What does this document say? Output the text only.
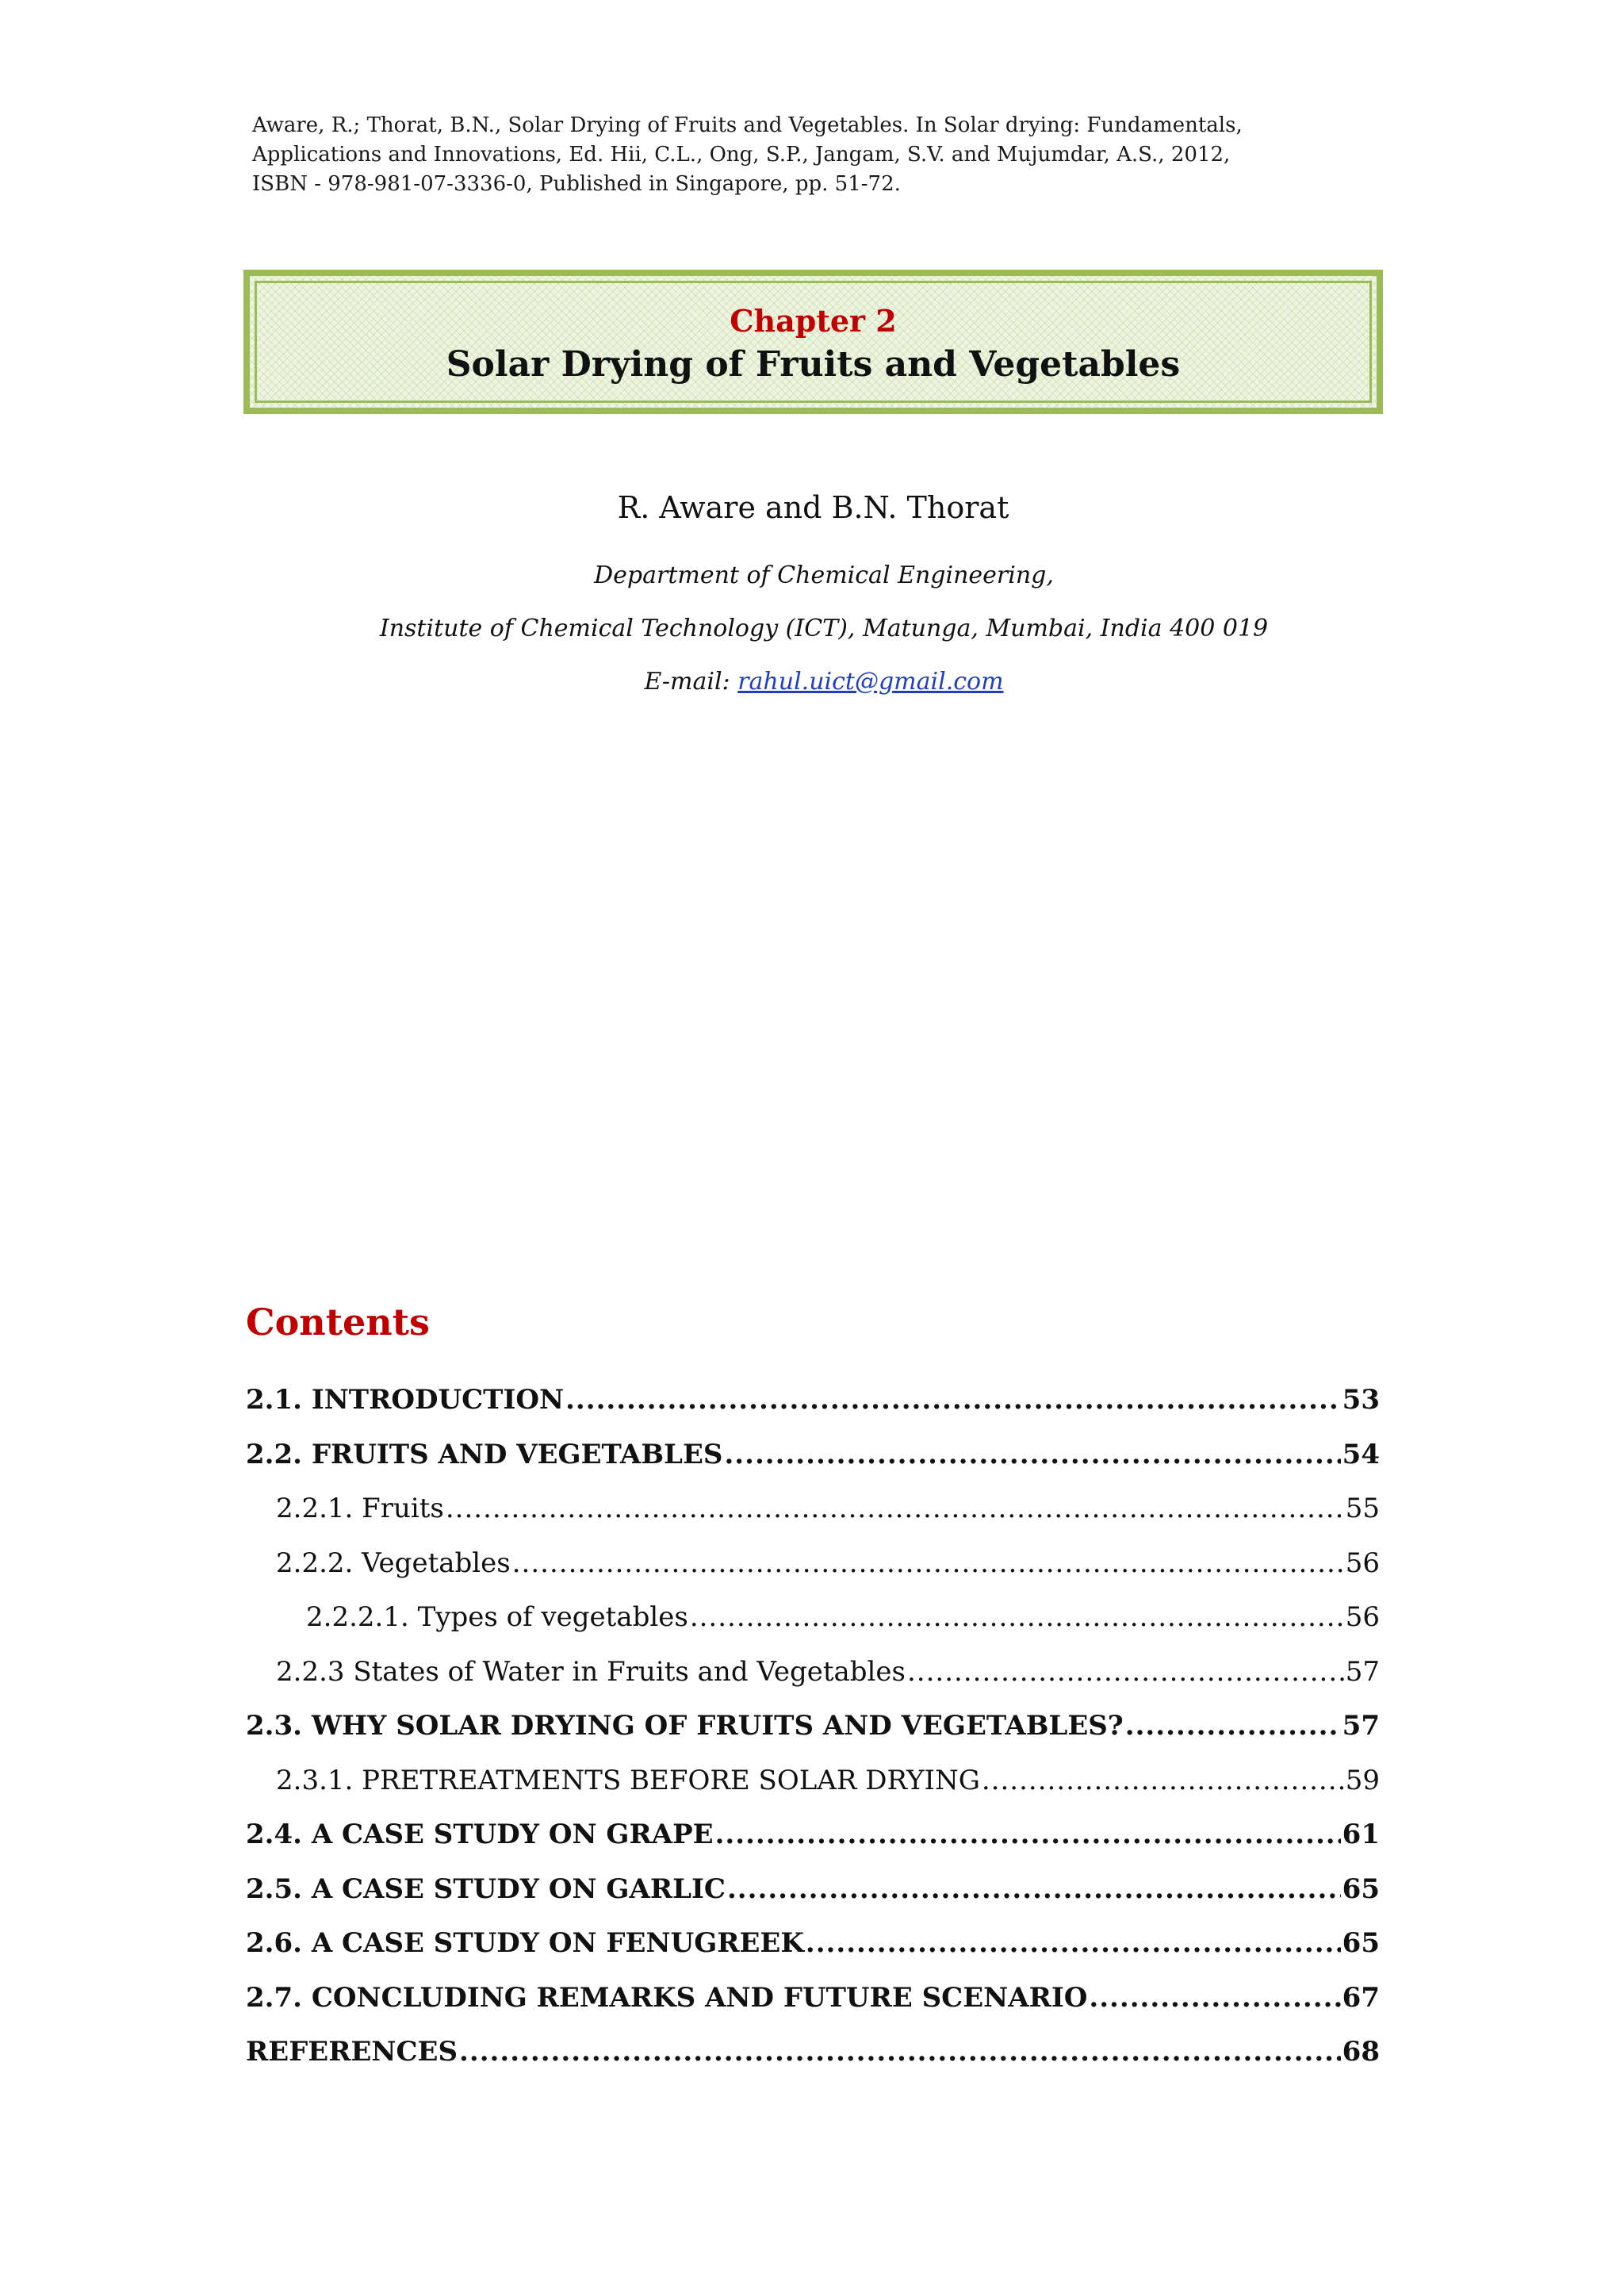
Aware, R.; Thorat, B.N., Solar Drying of Fruits and Vegetables. In Solar drying: Fundamentals,
Applications and Innovations, Ed. Hii, C.L., Ong, S.P., Jangam, S.V. and Mujumdar, A.S., 2012,
ISBN - 978-981-07-3336-0, Published in Singapore, pp. 51-72.
Chapter 2
Solar Drying of Fruits and Vegetables
R. Aware and B.N. Thorat
Department of Chemical Engineering,
Institute of Chemical Technology (ICT), Matunga, Mumbai, India 400 019
E-mail: rahul.uict@gmail.com
Contents
2.1. INTRODUCTION .....	53
2.2. FRUITS AND VEGETABLES .....	54
2.2.1. Fruits .....	55
2.2.2. Vegetables .....	56
2.2.2.1. Types of vegetables .....	56
2.2.3 States of Water in Fruits and Vegetables .....	57
2.3. WHY SOLAR DRYING OF FRUITS AND VEGETABLES? .....	57
2.3.1. PRETREATMENTS BEFORE SOLAR DRYING .....	59
2.4. A CASE STUDY ON GRAPE .....	61
2.5. A CASE STUDY ON GARLIC .....	65
2.6. A CASE STUDY ON FENUGREEK .....	65
2.7. CONCLUDING REMARKS AND FUTURE SCENARIO .....	67
REFERENCES .....	68
